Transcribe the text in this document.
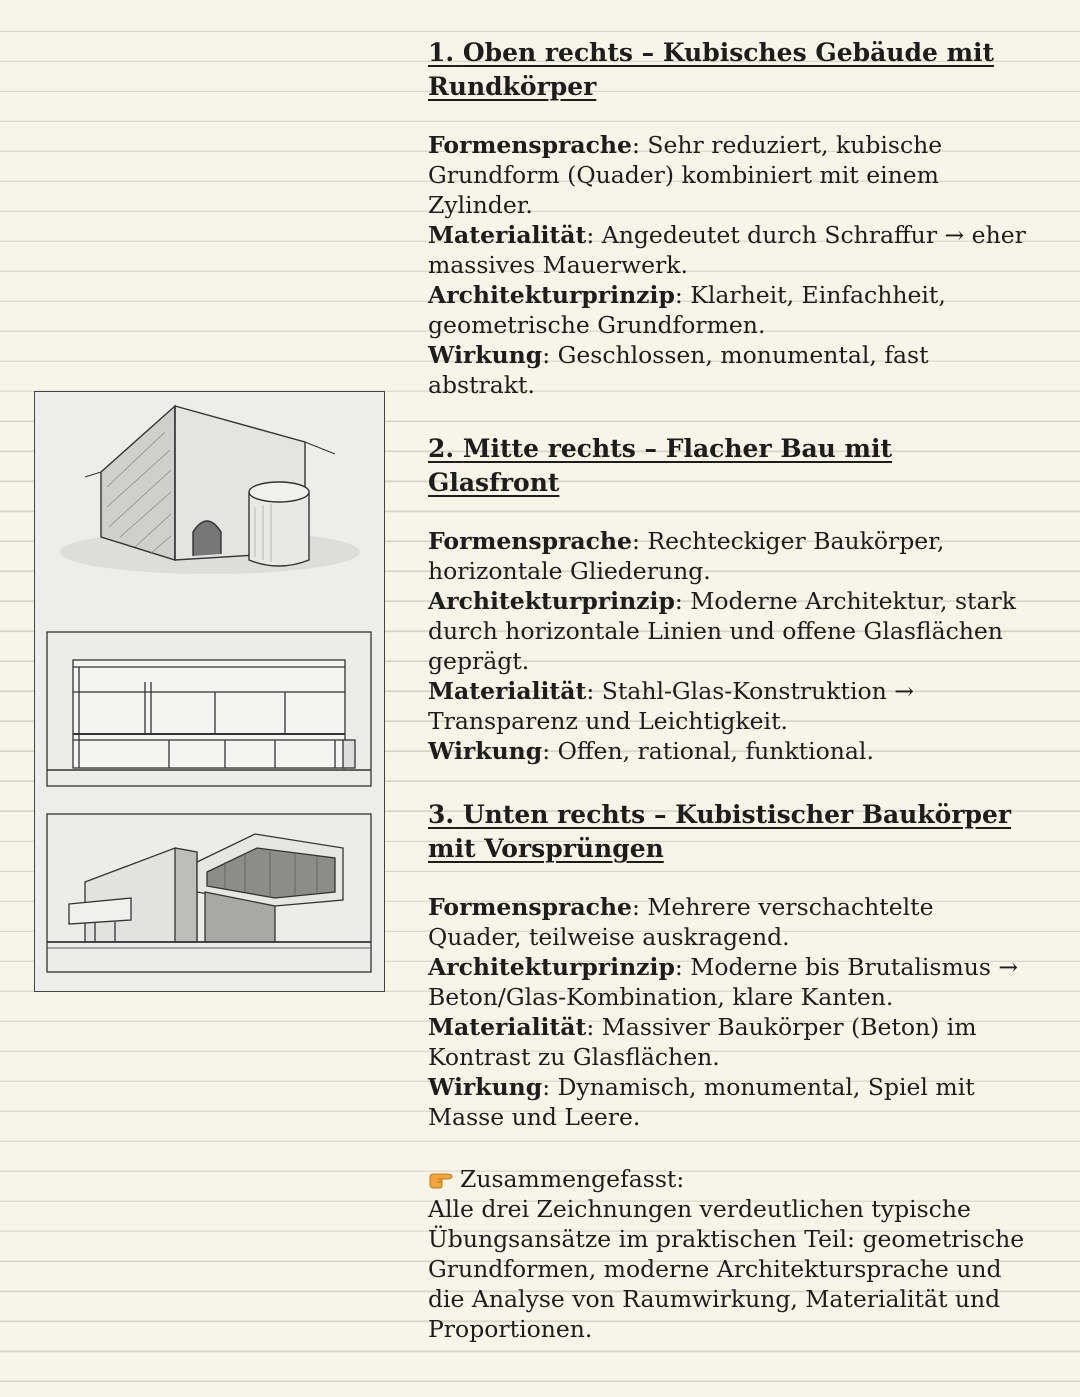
1. Oben rechts – Kubisches Gebäude mit Rundkörper

Formensprache: Sehr reduziert, kubische Grundform (Quader) kombiniert mit einem Zylinder.

Materialität: Angedeutet durch Schraffur → eher massives Mauerwerk.

Architekturprinzip: Klarheit, Einfachheit, geometrische Grundformen.

Wirkung: Geschlossen, monumental, fast abstrakt.

2. Mitte rechts – Flacher Bau mit Glasfront

Formensprache: Rechteckiger Baukörper, horizontale Gliederung.

Architekturprinzip: Moderne Architektur, stark durch horizontale Linien und offene Glasflächen geprägt.

Materialität: Stahl-Glas-Konstruktion → Transparenz und Leichtigkeit.

Wirkung: Offen, rational, funktional.

3. Unten rechts – Kubistischer Baukörper mit Vorsprüngen

Formensprache: Mehrere verschachtelte Quader, teilweise auskragend.

Architekturprinzip: Moderne bis Brutalismus → Beton/Glas-Kombination, klare Kanten.

Materialität: Massiver Baukörper (Beton) im Kontrast zu Glasflächen.

Wirkung: Dynamisch, monumental, Spiel mit Masse und Leere.

Zusammengefasst:

Alle drei Zeichnungen verdeutlichen typische Übungsansätze im praktischen Teil: geometrische Grundformen, moderne Architektursprache und die Analyse von Raumwirkung, Materialität und Proportionen.
